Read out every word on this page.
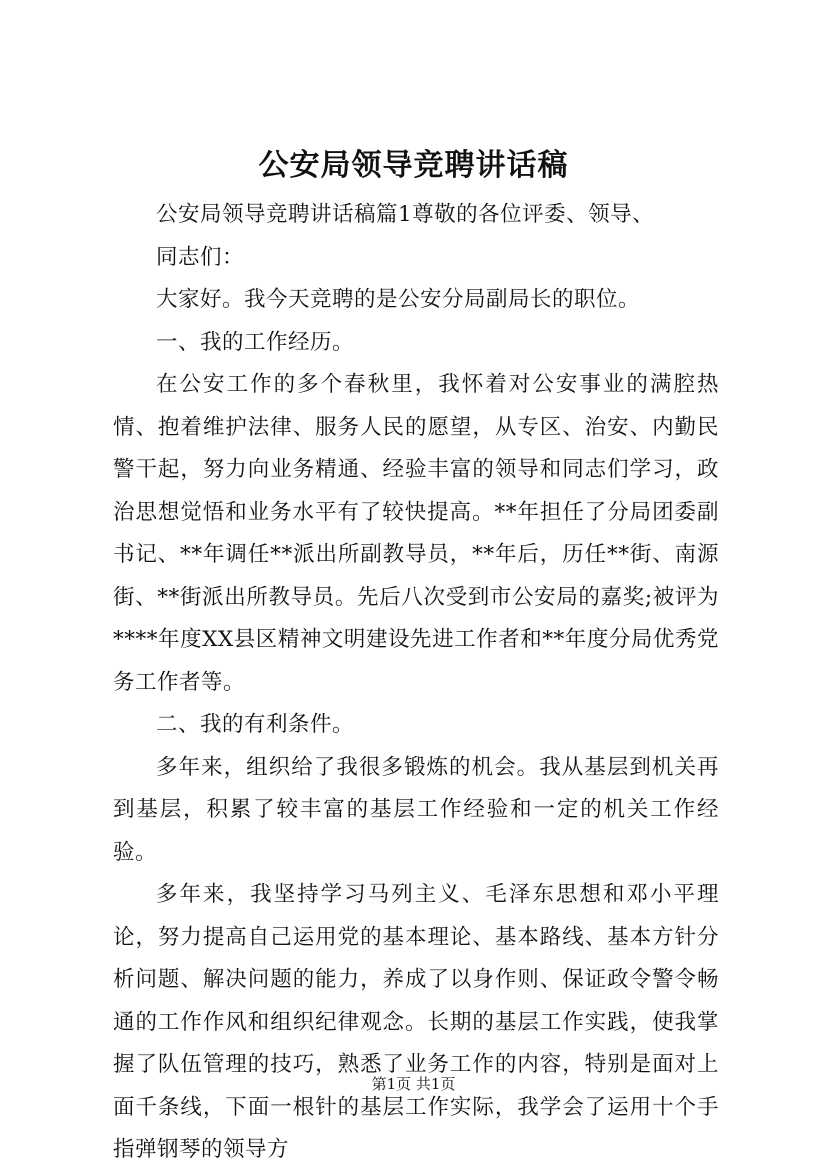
公安局领导竞聘讲话稿

公安局领导竞聘讲话稿篇1尊敬的各位评委、领导、

同志们：

大家好。我今天竞聘的是公安分局副局长的职位。

一、我的工作经历。

在公安工作的多个春秋里，我怀着对公安事业的满腔热情、抱着维护法律、服务人民的愿望，从专区、治安、内勤民警干起，努力向业务精通、经验丰富的领导和同志们学习，政治思想觉悟和业务水平有了较快提高。**年担任了分局团委副书记、**年调任**派出所副教导员，**年后，历任**街、南源街、**街派出所教导员。先后八次受到市公安局的嘉奖;被评为****年度XX县区精神文明建设先进工作者和**年度分局优秀党务工作者等。

二、我的有利条件。

多年来，组织给了我很多锻炼的机会。我从基层到机关再到基层，积累了较丰富的基层工作经验和一定的机关工作经验。

多年来，我坚持学习马列主义、毛泽东思想和邓小平理论，努力提高自己运用党的基本理论、基本路线、基本方针分析问题、解决问题的能力，养成了以身作则、保证政令警令畅通的工作作风和组织纪律观念。长期的基层工作实践，使我掌握了队伍管理的技巧，熟悉了业务工作的内容，特别是面对上面千条线，下面一根针的基层工作实际，我学会了运用十个手指弹钢琴的领导方

第1页 共1页
